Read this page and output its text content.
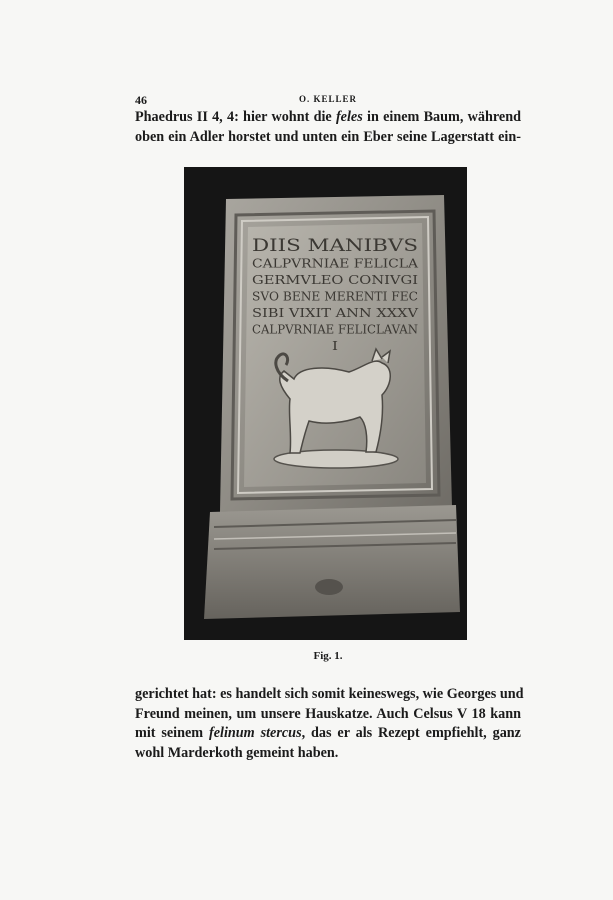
46	O. KELLER
Phaedrus II 4, 4: hier wohnt die feles in einem Baum, während
oben ein Adler horstet und unten ein Eber seine Lagerstatt ein-
DIIS MANIBVS
CALPVRNIAE FELICLA
GERMVLEO CONIVGI
SVO BENE MERENTI FEC
SIBI VIXIT ANN XXXV
CALPVRNIAE FELICLAVAN
I
Fig. 1.
gerichtet hat: es handelt sich somit keineswegs, wie Georges und
Freund meinen, um unsere Hauskatze. Auch Celsus V 18 kann
mit seinem felinum stercus, das er als Rezept empfiehlt, ganz
wohl Marderkoth gemeint haben.
